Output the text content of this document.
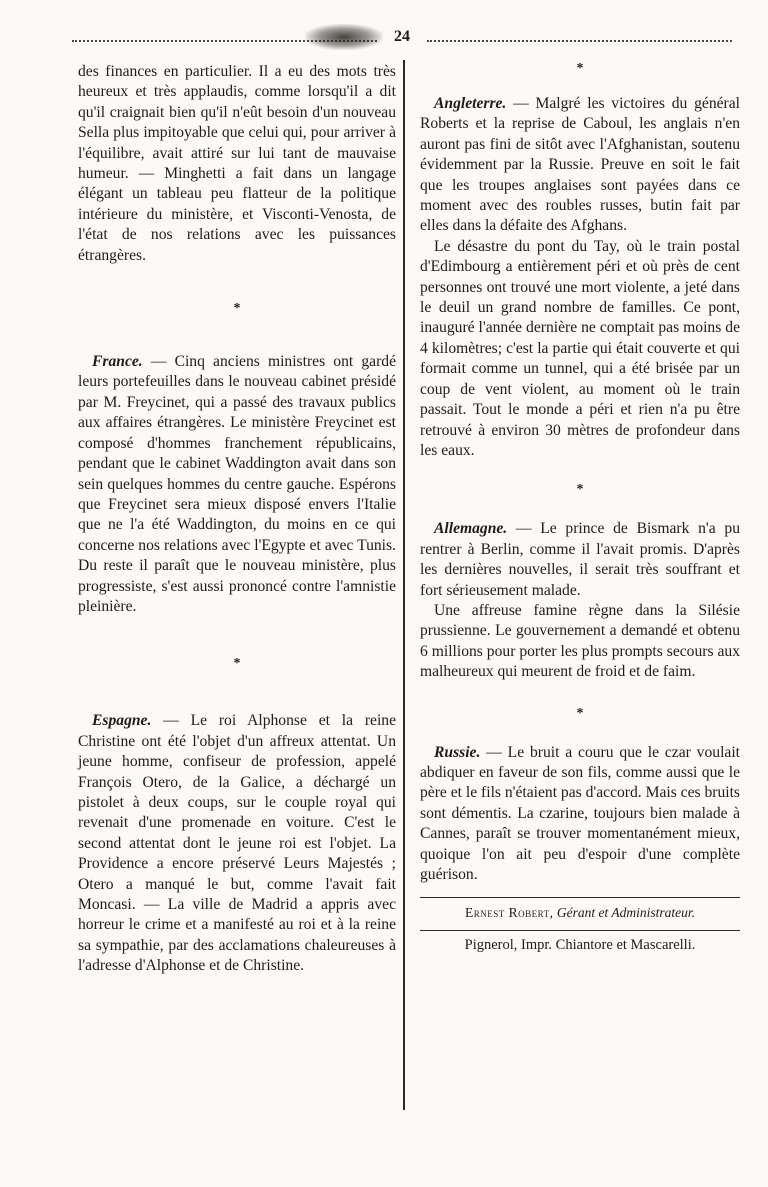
24

des finances en particulier. Il a eu des mots très heureux et très applaudis, comme lorsqu'il a dit qu'il craignait bien qu'il n'eût besoin d'un nouveau Sella plus impitoyable que celui qui, pour arriver à l'équilibre, avait attiré sur lui tant de mauvaise humeur. — Minghetti a fait dans un langage élégant un tableau peu flatteur de la politique intérieure du ministère, et Visconti-Venosta, de l'état de nos relations avec les puissances étrangères.

*

France. — Cinq anciens ministres ont gardé leurs portefeuilles dans le nouveau cabinet présidé par M. Freycinet, qui a passé des travaux publics aux affaires étrangères. Le ministère Freycinet est composé d'hommes franchement républicains, pendant que le cabinet Waddington avait dans son sein quelques hommes du centre gauche. Espérons que Freycinet sera mieux disposé envers l'Italie que ne l'a été Waddington, du moins en ce qui concerne nos relations avec l'Egypte et avec Tunis. Du reste il paraît que le nouveau ministère, plus progressiste, s'est aussi prononcé contre l'amnistie pleinière.

*

Espagne. — Le roi Alphonse et la reine Christine ont été l'objet d'un affreux attentat. Un jeune homme, confiseur de profession, appelé François Otero, de la Galice, a déchargé un pistolet à deux coups, sur le couple royal qui revenait d'une promenade en voiture. C'est le second attentat dont le jeune roi est l'objet. La Providence a encore préservé Leurs Majestés ; Otero a manqué le but, comme l'avait fait Moncasi. — La ville de Madrid a appris avec horreur le crime et a manifesté au roi et à la reine sa sympathie, par des acclamations chaleureuses à l'adresse d'Alphonse et de Christine.

*

Angleterre. — Malgré les victoires du général Roberts et la reprise de Caboul, les anglais n'en auront pas fini de sitôt avec l'Afghanistan, soutenu évidemment par la Russie. Preuve en soit le fait que les troupes anglaises sont payées dans ce moment avec des roubles russes, butin fait par elles dans la défaite des Afghans.

Le désastre du pont du Tay, où le train postal d'Edimbourg a entièrement péri et où près de cent personnes ont trouvé une mort violente, a jeté dans le deuil un grand nombre de familles. Ce pont, inauguré l'année dernière ne comptait pas moins de 4 kilomètres; c'est la partie qui était couverte et qui formait comme un tunnel, qui a été brisée par un coup de vent violent, au moment où le train passait. Tout le monde a péri et rien n'a pu être retrouvé à environ 30 mètres de profondeur dans les eaux.

*

Allemagne. — Le prince de Bismark n'a pu rentrer à Berlin, comme il l'avait promis. D'après les dernières nouvelles, il serait très souffrant et fort sérieusement malade.

Une affreuse famine règne dans la Silésie prussienne. Le gouvernement a demandé et obtenu 6 millions pour porter les plus prompts secours aux malheureux qui meurent de froid et de faim.

*

Russie. — Le bruit a couru que le czar voulait abdiquer en faveur de son fils, comme aussi que le père et le fils n'étaient pas d'accord. Mais ces bruits sont démentis. La czarine, toujours bien malade à Cannes, paraît se trouver momentanément mieux, quoique l'on ait peu d'espoir d'une complète guérison.

Ernest Robert, Gérant et Administrateur.
Pignerol, Impr. Chiantore et Mascarelli.
